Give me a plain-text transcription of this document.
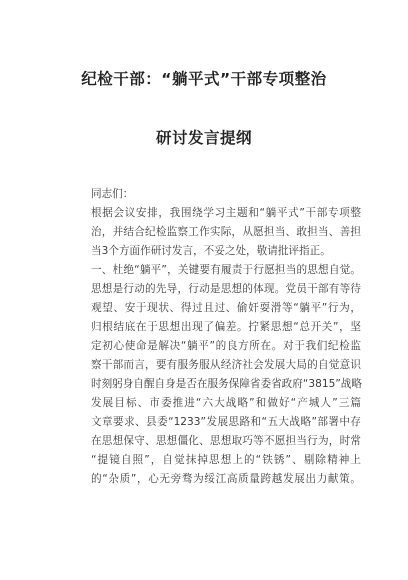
纪检干部：“躺平式”干部专项整治
研讨发言提纲
同志们：
根据会议安排，我围绕学习主题和“躺平式”干部专项整
治，并结合纪检监察工作实际，从愿担当、敢担当、善担
当3个方面作研讨发言，不妥之处，敬请批评指正。
一、杜绝“躺平”，关键要有履责于行愿担当的思想自觉。
思想是行动的先导，行动是思想的体现。党员干部有等待
观望、安于现状、得过且过、偷奸耍滑等“躺平”行为，
归根结底在于思想出现了偏差。拧紧思想“总开关”，坚
定初心使命是解决“躺平”的良方所在。对于我们纪检监
察干部而言，要有服务服从经济社会发展大局的自觉意识
时刻躬身自醒自身是否在服务保障省委省政府“3815”战略
发展目标、市委推进“六大战略”和做好“产城人”三篇
文章要求、县委“1233”发展思路和“五大战略”部署中存
在思想保守、思想僵化、思想取巧等不愿担当行为，时常
“提镜自照”，自觉抹掉思想上的“铁锈”、剔除精神上
的“杂质”，心无旁骛为绥江高质量跨越发展出力献策。
